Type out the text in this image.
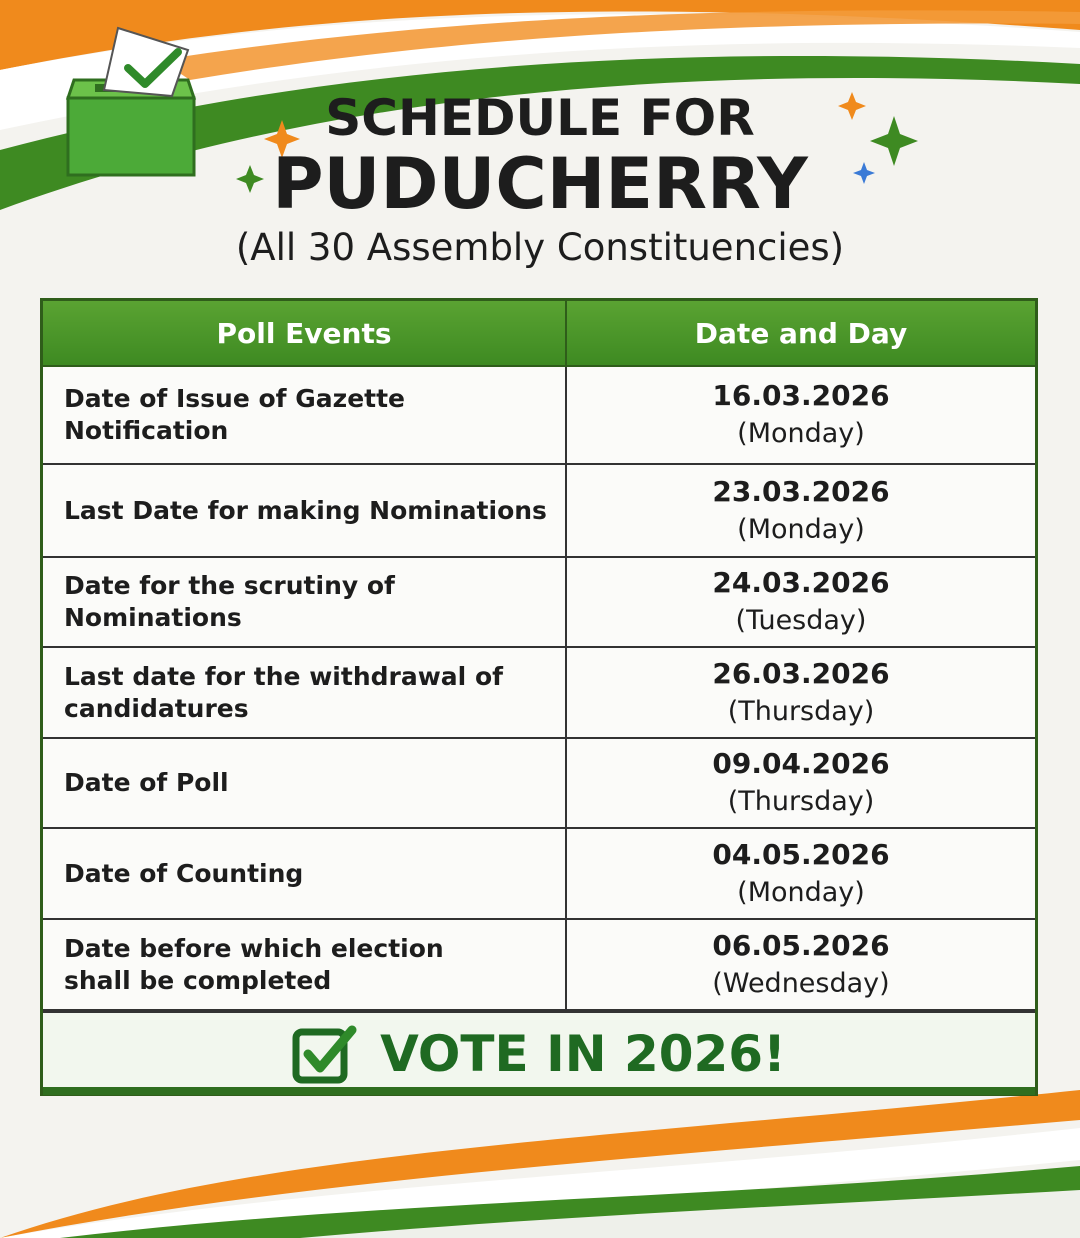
SCHEDULE FOR
PUDUCHERRY
(All 30 Assembly Constituencies)
Poll Events	Date and Day
Date of Issue of Gazette Notification	16.03.2026
(Monday)

Last Date for making Nominations	23.03.2026
(Monday)

Date for the scrutiny of Nominations	24.03.2026
(Tuesday)

Last date for the withdrawal of candidatures	26.03.2026
(Thursday)

Date of Poll	09.04.2026
(Thursday)

Date of Counting	04.05.2026
(Monday)

Date before which election shall be completed	06.05.2026
(Wednesday)
VOTE IN 2026!
